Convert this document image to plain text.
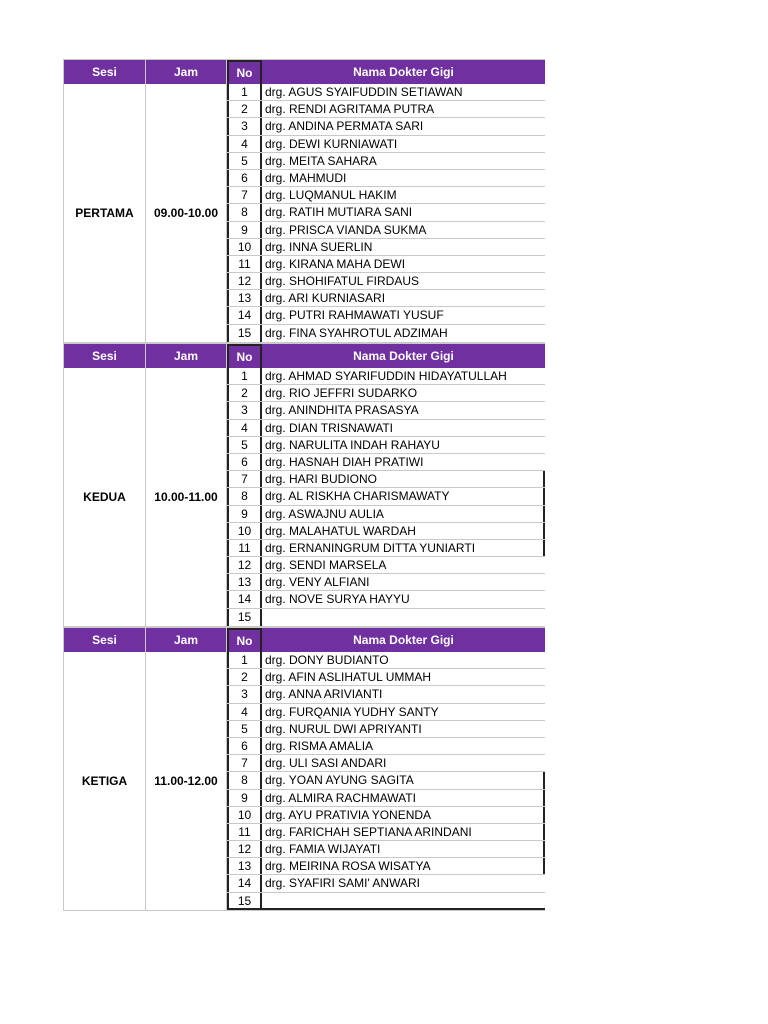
Sesi	Jam	No	Nama Dokter Gigi
PERTAMA	09.00-10.00
1	drg. AGUS SYAIFUDDIN SETIAWAN
2	drg. RENDI AGRITAMA PUTRA
3	drg. ANDINA PERMATA SARI
4	drg. DEWI KURNIAWATI
5	drg. MEITA SAHARA
6	drg. MAHMUDI
7	drg. LUQMANUL HAKIM
8	drg. RATIH MUTIARA SANI
9	drg. PRISCA VIANDA SUKMA
10	drg. INNA SUERLIN
11	drg. KIRANA MAHA DEWI
12	drg. SHOHIFATUL FIRDAUS
13	drg. ARI KURNIASARI
14	drg. PUTRI RAHMAWATI YUSUF
15	drg. FINA SYAHROTUL ADZIMAH
Sesi	Jam	No	Nama Dokter Gigi
KEDUA	10.00-11.00
1	drg. AHMAD SYARIFUDDIN HIDAYATULLAH
2	drg. RIO JEFFRI SUDARKO
3	drg. ANINDHITA PRASASYA
4	drg. DIAN TRISNAWATI
5	drg. NARULITA INDAH RAHAYU
6	drg. HASNAH DIAH PRATIWI
7	drg. HARI BUDIONO
8	drg. AL RISKHA CHARISMAWATY
9	drg. ASWAJNU AULIA
10	drg. MALAHATUL WARDAH
11	drg. ERNANINGRUM DITTA YUNIARTI
12	drg. SENDI MARSELA
13	drg. VENY ALFIANI
14	drg. NOVE SURYA HAYYU
15
Sesi	Jam	No	Nama Dokter Gigi
KETIGA	11.00-12.00
1	drg. DONY BUDIANTO
2	drg. AFIN ASLIHATUL UMMAH
3	drg. ANNA ARIVIANTI
4	drg. FURQANIA YUDHY SANTY
5	drg. NURUL DWI APRIYANTI
6	drg. RISMA AMALIA
7	drg. ULI SASI ANDARI
8	drg. YOAN AYUNG SAGITA
9	drg. ALMIRA RACHMAWATI
10	drg. AYU PRATIVIA YONENDA
11	drg. FARICHAH SEPTIANA ARINDANI
12	drg. FAMIA WIJAYATI
13	drg. MEIRINA ROSA WISATYA
14	drg. SYAFIRI SAMI' ANWARI
15
